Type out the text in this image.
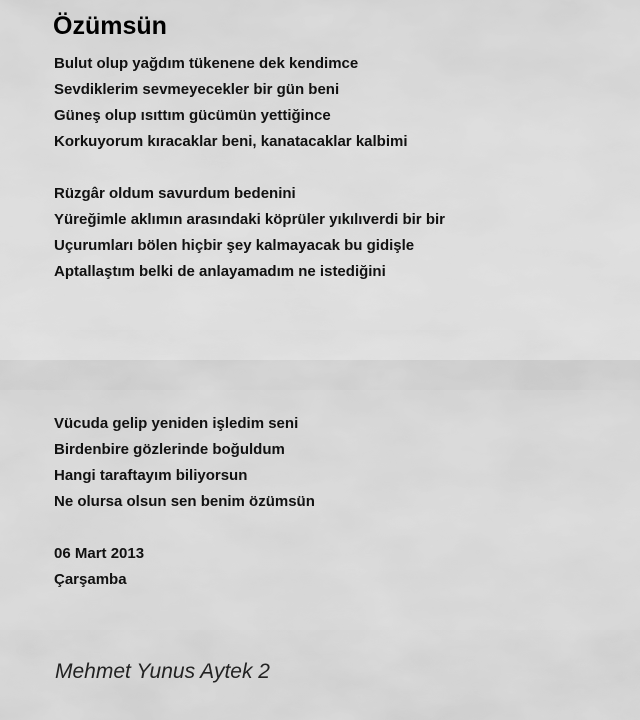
Özümsün
Bulut olup yağdım tükenene dek kendimce
Sevdiklerim sevmeyecekler bir gün beni
Güneş olup ısıttım gücümün yettiğince
Korkuyorum kıracaklar beni, kanatacaklar kalbimi
Rüzgâr oldum savurdum bedenini
Yüreğimle aklımın arasındaki köprüler yıkılıverdi bir bir
Uçurumları bölen hiçbir şey kalmayacak bu gidişle
Aptallaştım belki de anlayamadım ne istediğini
Vücuda gelip yeniden işledim seni
Birdenbire gözlerinde boğuldum
Hangi taraftayım biliyorsun
Ne olursa olsun sen benim özümsün
06 Mart 2013
Çarşamba
Mehmet Yunus Aytek 2
